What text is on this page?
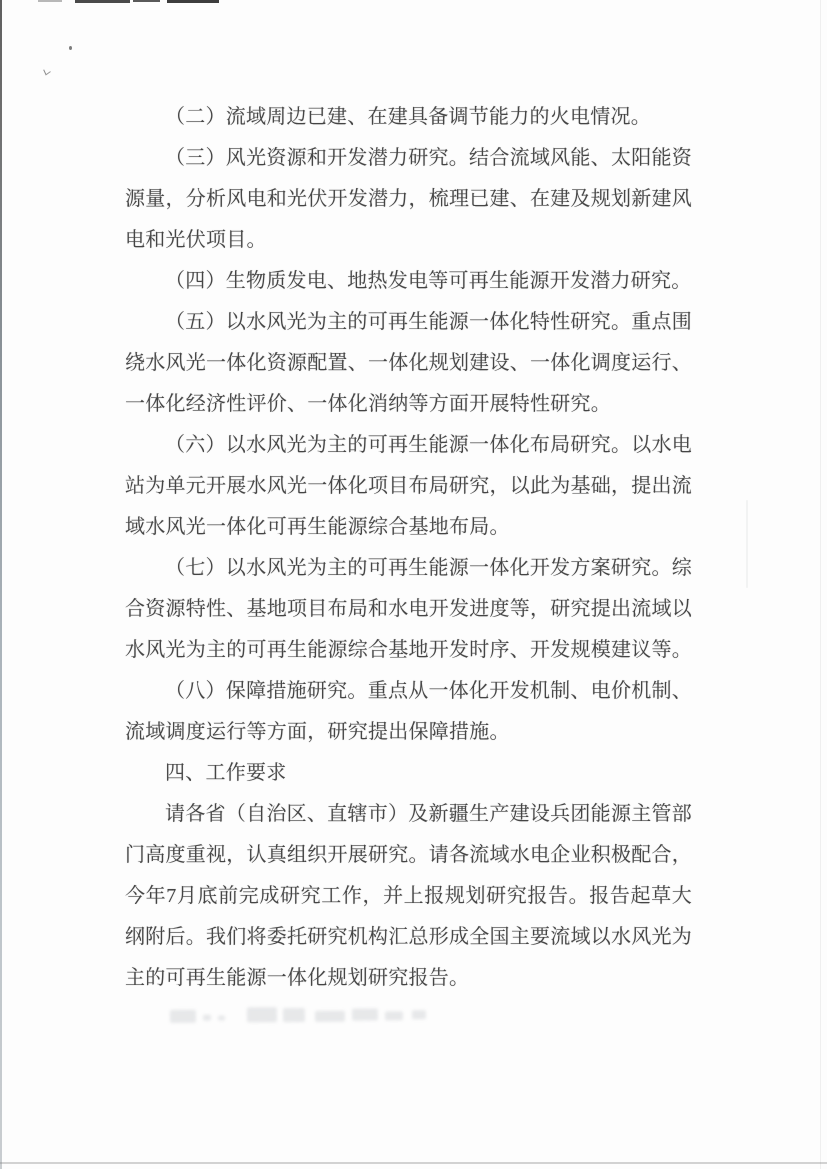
（二）流域周边已建、在建具备调节能力的火电情况。

（三）风光资源和开发潜力研究。结合流域风能、太阳能资源量，分析风电和光伏开发潜力，梳理已建、在建及规划新建风电和光伏项目。

（四）生物质发电、地热发电等可再生能源开发潜力研究。

（五）以水风光为主的可再生能源一体化特性研究。重点围绕水风光一体化资源配置、一体化规划建设、一体化调度运行、一体化经济性评价、一体化消纳等方面开展特性研究。

（六）以水风光为主的可再生能源一体化布局研究。以水电站为单元开展水风光一体化项目布局研究，以此为基础，提出流域水风光一体化可再生能源综合基地布局。

（七）以水风光为主的可再生能源一体化开发方案研究。综合资源特性、基地项目布局和水电开发进度等，研究提出流域以水风光为主的可再生能源综合基地开发时序、开发规模建议等。

（八）保障措施研究。重点从一体化开发机制、电价机制、流域调度运行等方面，研究提出保障措施。

四、工作要求

请各省（自治区、直辖市）及新疆生产建设兵团能源主管部门高度重视，认真组织开展研究。请各流域水电企业积极配合，今年7月底前完成研究工作，并上报规划研究报告。报告起草大纲附后。我们将委托研究机构汇总形成全国主要流域以水风光为主的可再生能源一体化规划研究报告。
